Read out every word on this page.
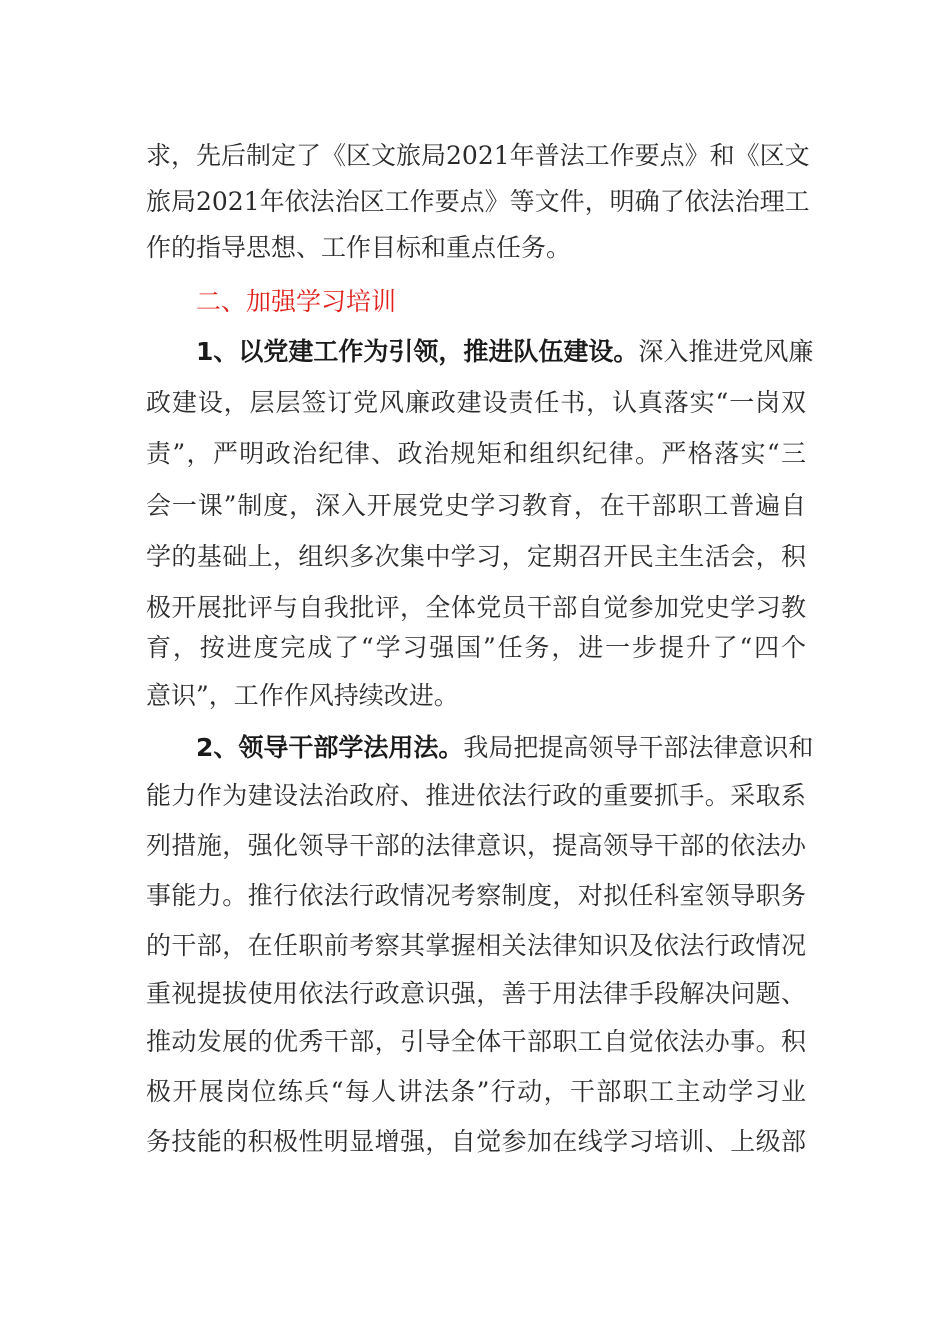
求，先后制定了《区文旅局2021年普法工作要点》和《区文
旅局2021年依法治区工作要点》等文件，明确了依法治理工
作的指导思想、工作目标和重点任务。
二、加强学习培训
1、以党建工作为引领，推进队伍建设。深入推进党风廉
政建设，层层签订党风廉政建设责任书，认真落实“一岗双
责”，严明政治纪律、政治规矩和组织纪律。严格落实“三
会一课”制度，深入开展党史学习教育，在干部职工普遍自
学的基础上，组织多次集中学习，定期召开民主生活会，积
极开展批评与自我批评，全体党员干部自觉参加党史学习教
育，按进度完成了“学习强国”任务，进一步提升了“四个
意识”，工作作风持续改进。
2、领导干部学法用法。我局把提高领导干部法律意识和
能力作为建设法治政府、推进依法行政的重要抓手。采取系
列措施，强化领导干部的法律意识，提高领导干部的依法办
事能力。推行依法行政情况考察制度，对拟任科室领导职务
的干部，在任职前考察其掌握相关法律知识及依法行政情况
重视提拔使用依法行政意识强，善于用法律手段解决问题、
推动发展的优秀干部，引导全体干部职工自觉依法办事。积
极开展岗位练兵“每人讲法条”行动，干部职工主动学习业
务技能的积极性明显增强，自觉参加在线学习培训、上级部
